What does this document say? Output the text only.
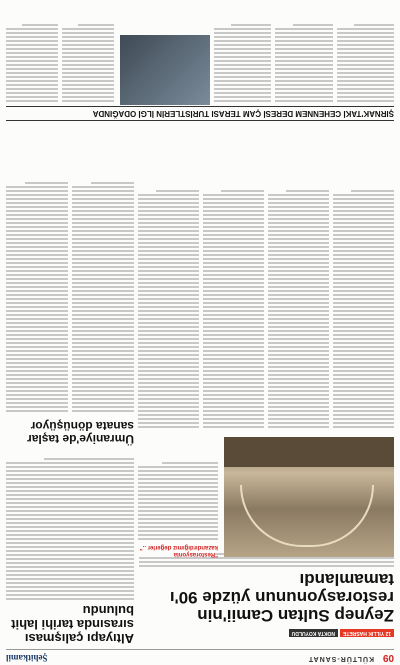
09
KÜLTÜR-SANAT
Şehitkamil
12 YILLIK HASRETENOKTA KOYULDU
Zeynep Sultan Camii'nin restorasyonunun yüzde 90'ı tamamlandı
Altıyapı çalışması sırasında tarihi lahit bulundu
"Restorasyonla kazandırdığımız değerler .."
Ümraniye'de taşlar sanata dönüşüyor
ŞIRNAK'TAKİ CEHENNEM DERESİ ÇAM TERASI TURİSTLERİN İLGİ ODAĞINDA
